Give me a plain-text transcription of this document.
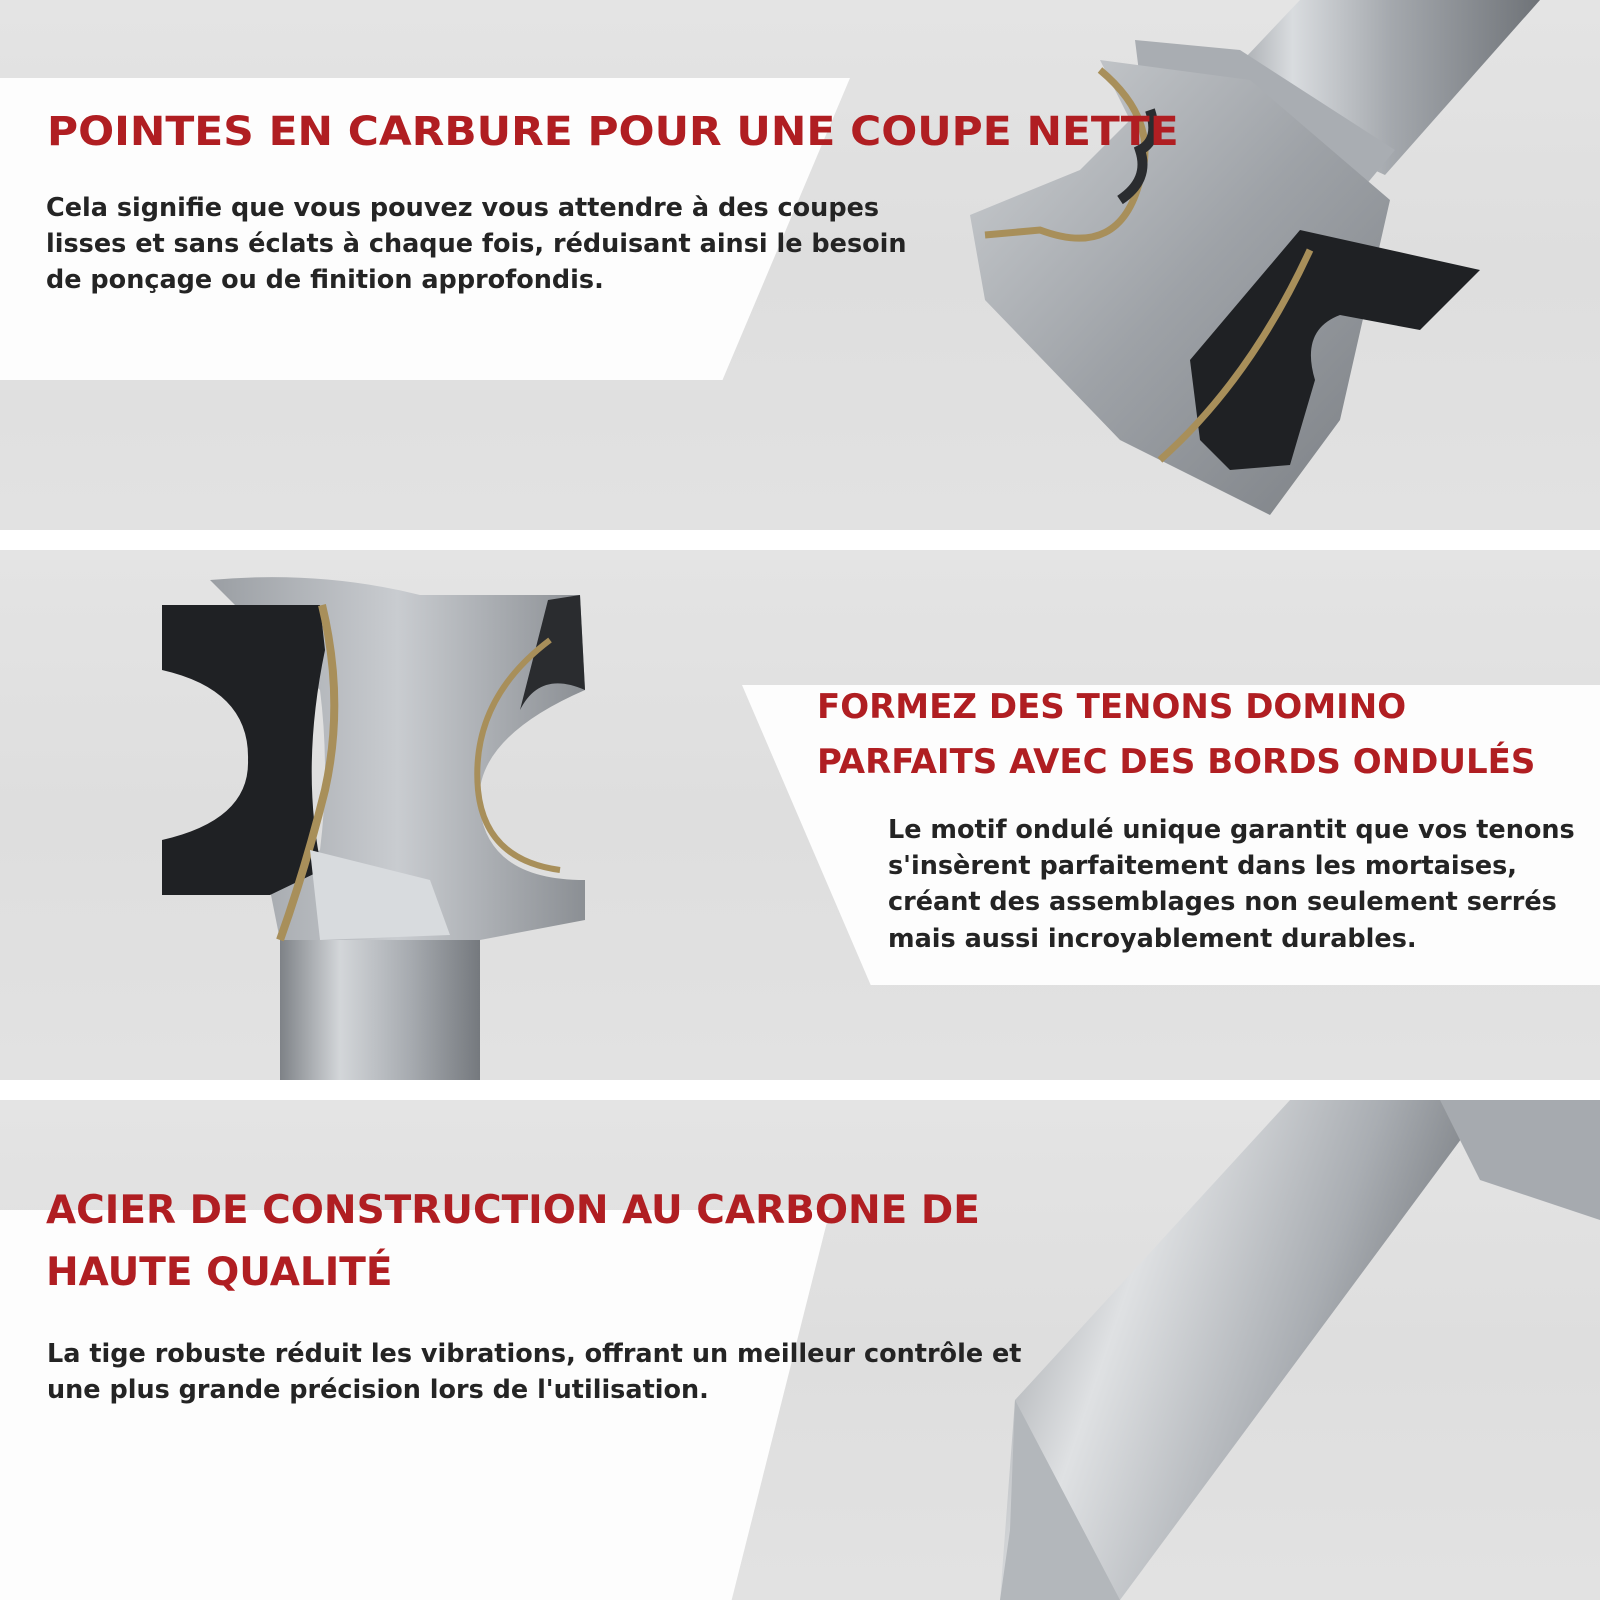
POINTES EN CARBURE POUR UNE COUPE NETTE

Cela signifie que vous pouvez vous attendre à des coupes lisses et sans éclats à chaque fois, réduisant ainsi le besoin de ponçage ou de finition approfondis.

FORMEZ DES TENONS DOMINO PARFAITS AVEC DES BORDS ONDULÉS

Le motif ondulé unique garantit que vos tenons s'insèrent parfaitement dans les mortaises, créant des assemblages non seulement serrés mais aussi incroyablement durables.

ACIER DE CONSTRUCTION AU CARBONE DE HAUTE QUALITÉ

La tige robuste réduit les vibrations, offrant un meilleur contrôle et une plus grande précision lors de l'utilisation.
